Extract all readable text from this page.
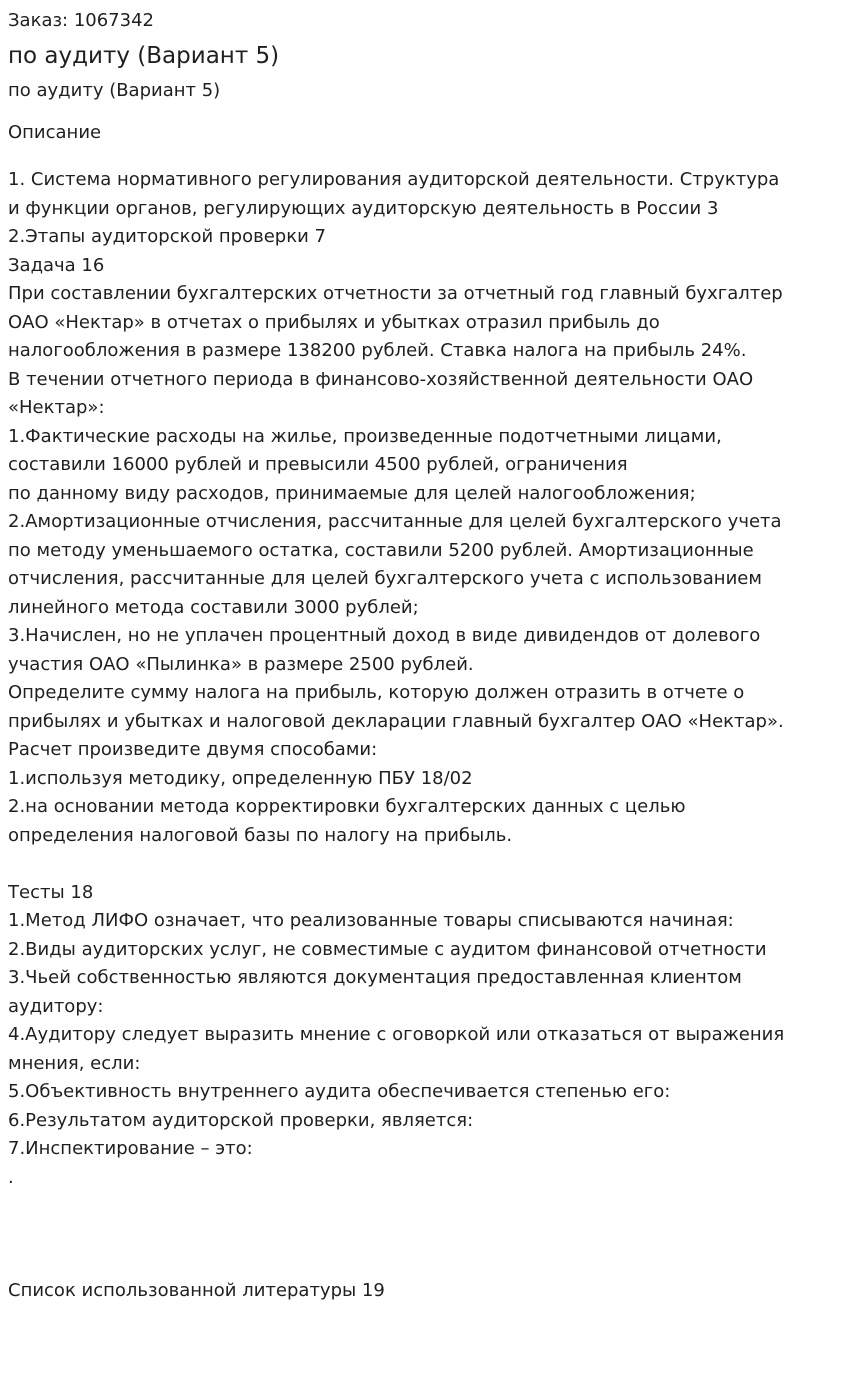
Заказ: 1067342

по аудиту (Вариант 5)

по аудиту (Вариант 5)

Описание

1. Система нормативного регулирования аудиторской деятельности. Структура
и функции органов, регулирующих аудиторскую деятельность в России 3
2.Этапы аудиторской проверки 7
Задача 16
При составлении бухгалтерских отчетности за отчетный год главный бухгалтер
ОАО «Нектар» в отчетах о прибылях и убытках отразил прибыль до
налогообложения в размере 138200 рублей. Ставка налога на прибыль 24%.
В течении отчетного периода в финансово-хозяйственной деятельности ОАО
«Нектар»:
1.Фактические расходы на жилье, произведенные подотчетными лицами,
составили 16000 рублей и превысили 4500 рублей, ограничения
по данному виду расходов, принимаемые для целей налогообложения;
2.Амортизационные отчисления, рассчитанные для целей бухгалтерского учета
по методу уменьшаемого остатка, составили 5200 рублей. Амортизационные
отчисления, рассчитанные для целей бухгалтерского учета с использованием
линейного метода составили 3000 рублей;
3.Начислен, но не уплачен процентный доход в виде дивидендов от долевого
участия ОАО «Пылинка» в размере 2500 рублей.
Определите сумму налога на прибыль, которую должен отразить в отчете о
прибылях и убытках и налоговой декларации главный бухгалтер ОАО «Нектар».
Расчет произведите двумя способами:
1.используя методику, определенную ПБУ 18/02
2.на основании метода корректировки бухгалтерских данных с целью
определения налоговой базы по налогу на прибыль.
Тесты 18
1.Метод ЛИФО означает, что реализованные товары списываются начиная:
2.Виды аудиторских услуг, не совместимые с аудитом финансовой отчетности
3.Чьей собственностью являются документация предоставленная клиентом
аудитору:
4.Аудитору следует выразить мнение с оговоркой или отказаться от выражения
мнения, если:
5.Объективность внутреннего аудита обеспечивается степенью его:
6.Результатом аудиторской проверки, является:
7.Инспектирование – это:
.
Список использованной литературы 19
